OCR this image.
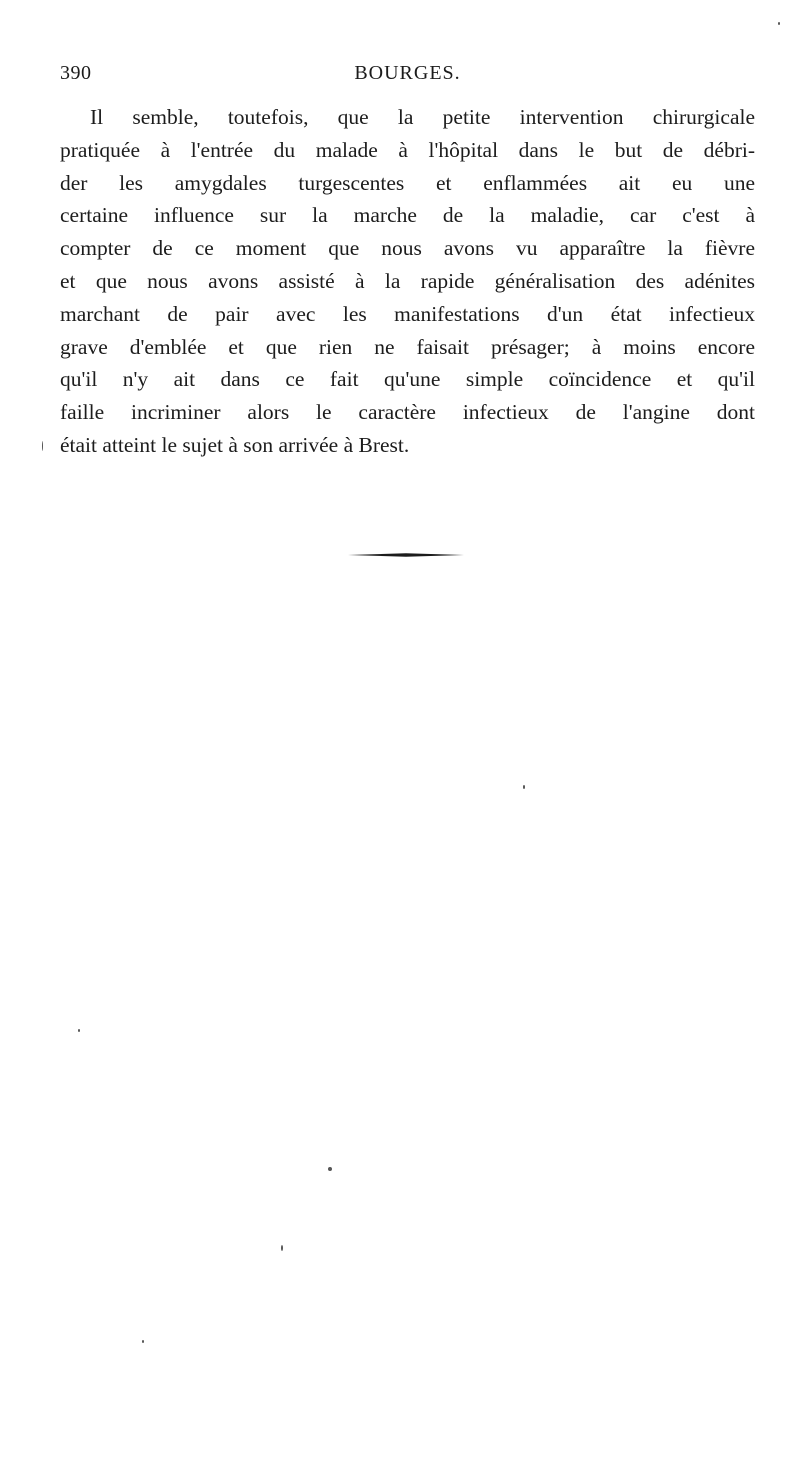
390	BOURGES.
Il semble, toutefois, que la petite intervention chirurgicale
pratiquée à l'entrée du malade à l'hôpital dans le but de débri-
der les amygdales turgescentes et enflammées ait eu une
certaine influence sur la marche de la maladie, car c'est à
compter de ce moment que nous avons vu apparaître la fièvre
et que nous avons assisté à la rapide généralisation des adénites
marchant de pair avec les manifestations d'un état infectieux
grave d'emblée et que rien ne faisait présager; à moins encore
qu'il n'y ait dans ce fait qu'une simple coïncidence et qu'il
faille incriminer alors le caractère infectieux de l'angine dont
était atteint le sujet à son arrivée à Brest.
